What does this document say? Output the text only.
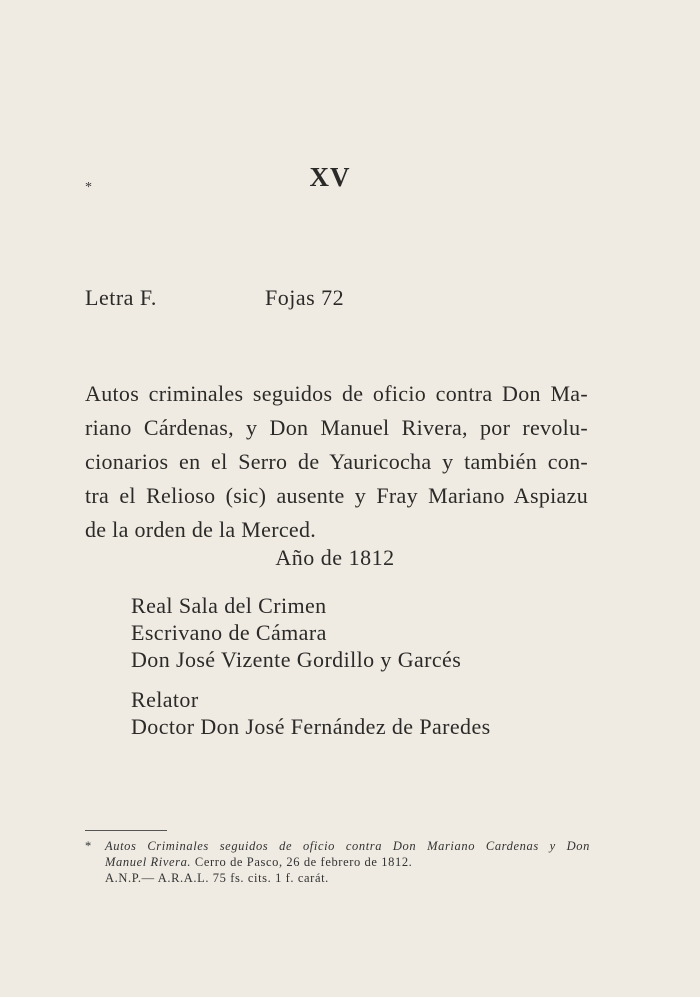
*	XV
Letra F.	Fojas 72
Autos criminales seguidos de oficio contra Don Ma-
riano Cárdenas, y Don Manuel Rivera, por revolu-
cionarios en el Serro de Yauricocha y también con-
tra el Relioso (sic) ausente y Fray Mariano Aspiazu
de la orden de la Merced.
Año de 1812
Real Sala del Crimen
Escrivano de Cámara
Don José Vizente Gordillo y Garcés
Relator
Doctor Don José Fernández de Paredes
*	Autos Criminales seguidos de oficio contra Don Mariano Cardenas y Don
Manuel Rivera. Cerro de Pasco, 26 de febrero de 1812.
A.N.P.— A.R.A.L. 75 fs. cits. 1 f. carát.
